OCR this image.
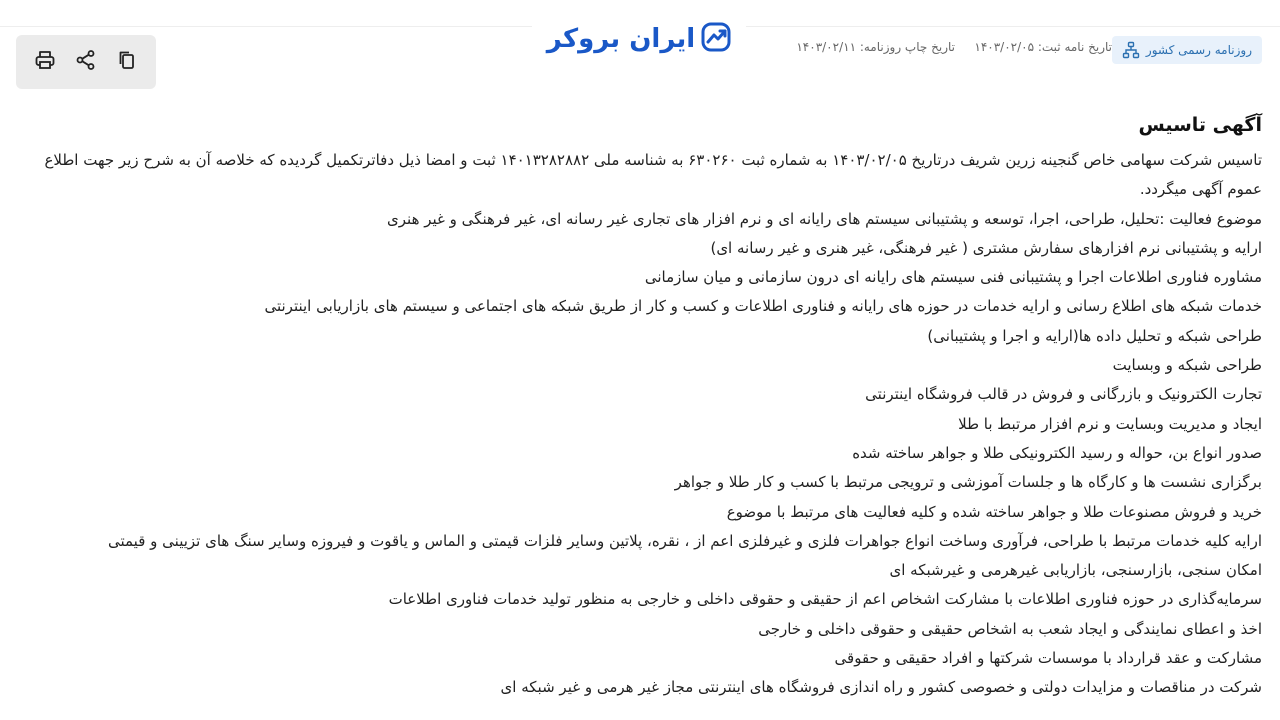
روزنامه رسمی کشور
تاریخ نامه ثبت: ۱۴۰۳/۰۲/۰۵
تاریخ چاپ روزنامه: ۱۴۰۳/۰۲/۱۱
ایران بروکر
آگهی تاسیس

تاسیس شرکت سهامی خاص گنجینه زرین شریف درتاریخ ۱۴۰۳/۰۲/۰۵ به شماره ثبت ۶۳۰۲۶۰ به شناسه ملی ۱۴۰۱۳۲۸۲۸۸۲ ثبت و امضا ذیل دفاترتکمیل گردیده که خلاصه آن به شرح زیر جهت اطلاع عموم آگهی میگردد.

موضوع فعالیت :تحلیل، طراحی، اجرا، توسعه و پشتیبانی سیستم های رایانه ای و نرم افزار های تجاری غیر رسانه ای، غیر فرهنگی و غیر هنری

ارایه و پشتیبانی نرم افزارهای سفارش مشتری ( غیر فرهنگی، غیر هنری و غیر رسانه ای)

مشاوره فناوری اطلاعات اجرا و پشتیبانی فنی سیستم های رایانه ای درون سازمانی و میان سازمانی

خدمات شبکه های اطلاع رسانی و ارایه خدمات در حوزه های رایانه و فناوری اطلاعات و کسب و کار از طریق شبکه های اجتماعی و سیستم های بازاریابی اینترنتی

طراحی شبکه و تحلیل داده ها(ارایه و اجرا و پشتیبانی)

طراحی شبکه و وبسایت

تجارت الکترونیک و بازرگانی و فروش در قالب فروشگاه اینترنتی

ایجاد و مدیریت وبسایت و نرم افزار مرتبط با طلا

صدور انواع بن، حواله و رسید الکترونیکی طلا و جواهر ساخته شده

برگزاری نشست ها و کارگاه ها و جلسات آموزشی و ترویجی مرتبط با کسب و کار طلا و جواهر

خرید و فروش مصنوعات طلا و جواهر ساخته شده و کلیه فعالیت های مرتبط با موضوع

ارایه کلیه خدمات مرتبط با طراحی، فرآوری وساخت انواع جواهرات فلزی و غیرفلزی اعم از ، نقره، پلاتین وسایر فلزات قیمتی و الماس و یاقوت و فیروزه وسایر سنگ های تزیینی و قیمتی

امکان سنجی، بازارسنجی، بازاریابی غیرهرمی و غیرشبکه ای

سرمایه‌گذاری در حوزه فناوری اطلاعات با مشارکت اشخاص اعم از حقیقی و حقوقی داخلی و خارجی به منظور تولید خدمات فناوری اطلاعات

اخذ و اعطای نمایندگی و ایجاد شعب به اشخاص حقیقی و حقوقی داخلی و خارجی

مشارکت و عقد قرارداد با موسسات شرکتها و افراد حقیقی و حقوقی

شرکت در مناقصات و مزایدات دولتی و خصوصی کشور و راه اندازی فروشگاه های اینترنتی مجاز غیر هرمی و غیر شبکه ای
